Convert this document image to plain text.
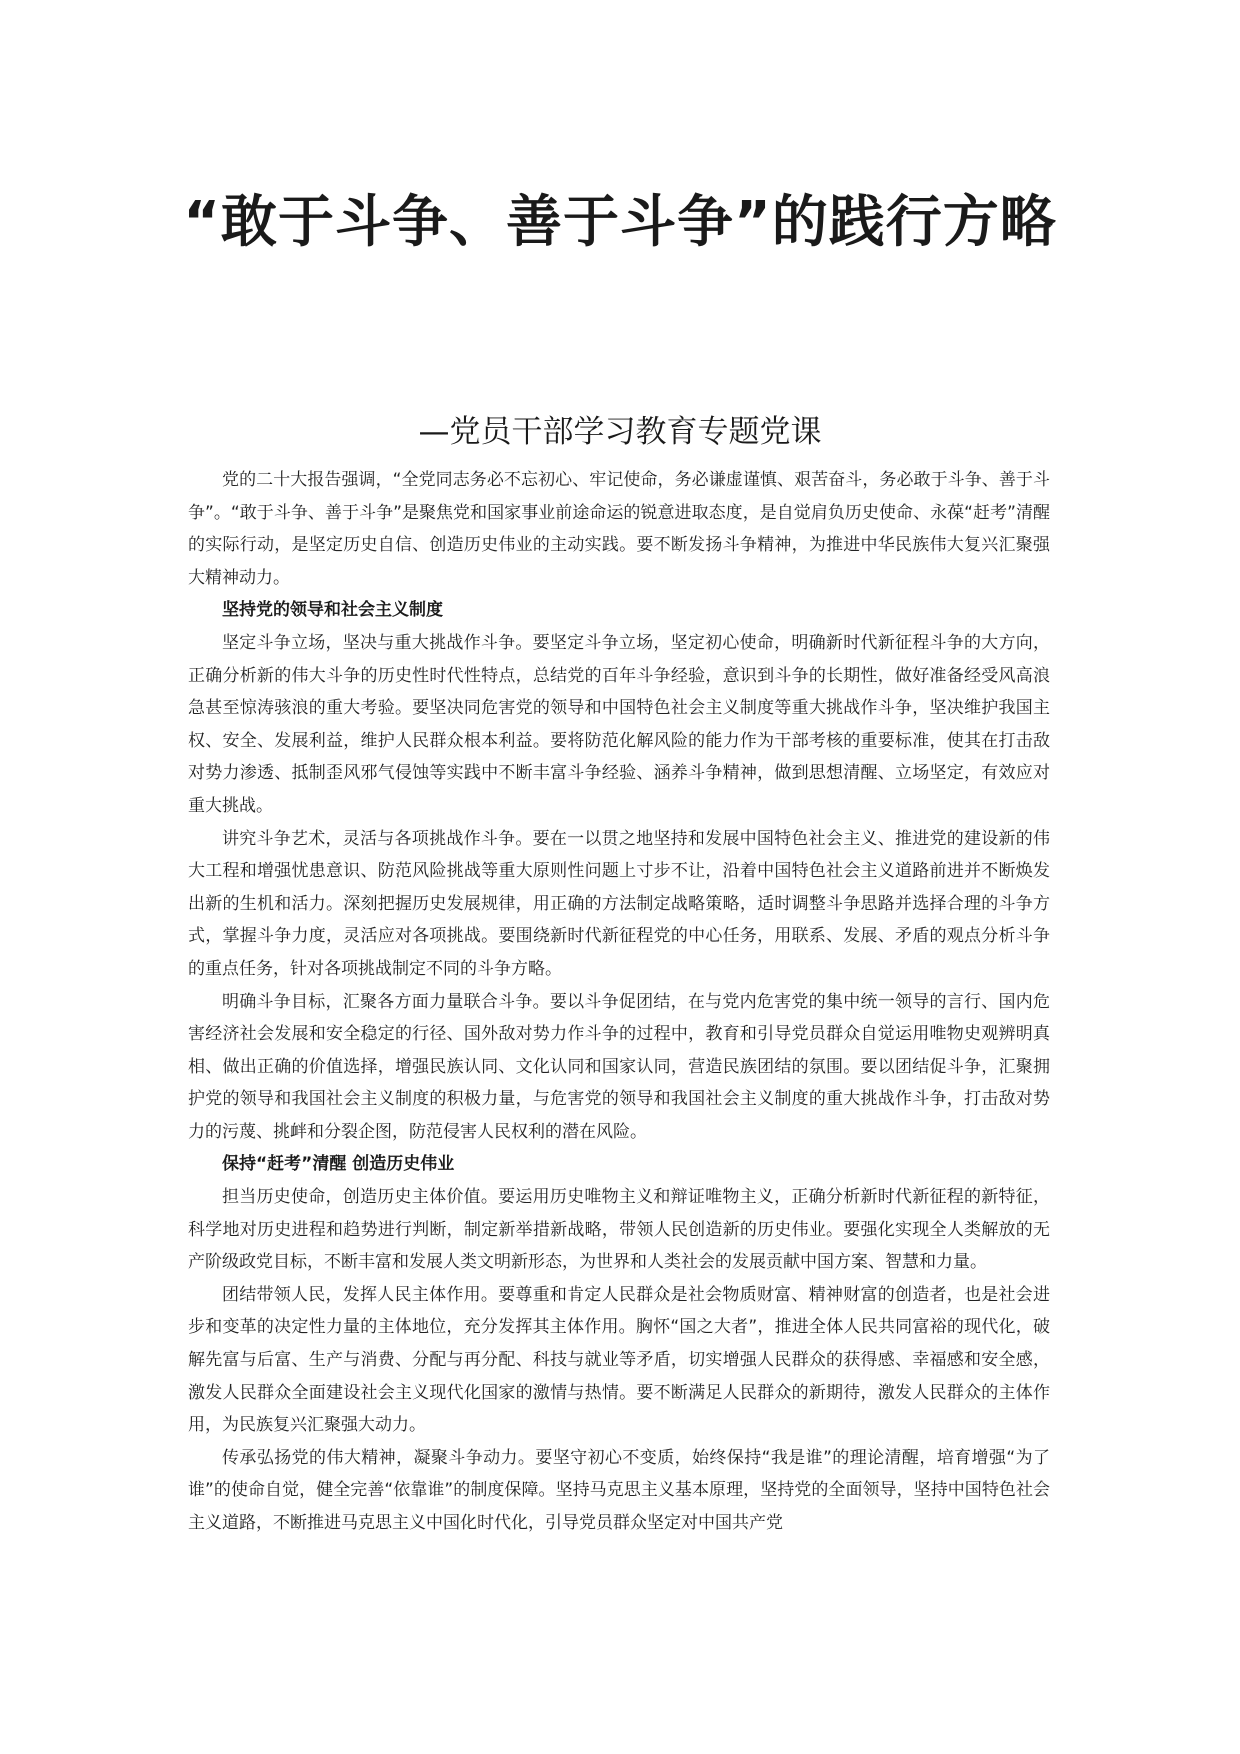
“敢于斗争、善于斗争”的践行方略
—党员干部学习教育专题党课

党的二十大报告强调，“全党同志务必不忘初心、牢记使命，务必谦虚谨慎、艰苦奋斗，务必敢于斗争、善于斗争”。“敢于斗争、善于斗争”是聚焦党和国家事业前途命运的锐意进取态度，是自觉肩负历史使命、永葆“赶考”清醒的实际行动，是坚定历史自信、创造历史伟业的主动实践。要不断发扬斗争精神，为推进中华民族伟大复兴汇聚强大精神动力。

坚持党的领导和社会主义制度

坚定斗争立场，坚决与重大挑战作斗争。要坚定斗争立场，坚定初心使命，明确新时代新征程斗争的大方向，正确分析新的伟大斗争的历史性时代性特点，总结党的百年斗争经验，意识到斗争的长期性，做好准备经受风高浪急甚至惊涛骇浪的重大考验。要坚决同危害党的领导和中国特色社会主义制度等重大挑战作斗争，坚决维护我国主权、安全、发展利益，维护人民群众根本利益。要将防范化解风险的能力作为干部考核的重要标准，使其在打击敌对势力渗透、抵制歪风邪气侵蚀等实践中不断丰富斗争经验、涵养斗争精神，做到思想清醒、立场坚定，有效应对重大挑战。

讲究斗争艺术，灵活与各项挑战作斗争。要在一以贯之地坚持和发展中国特色社会主义、推进党的建设新的伟大工程和增强忧患意识、防范风险挑战等重大原则性问题上寸步不让，沿着中国特色社会主义道路前进并不断焕发出新的生机和活力。深刻把握历史发展规律，用正确的方法制定战略策略，适时调整斗争思路并选择合理的斗争方式，掌握斗争力度，灵活应对各项挑战。要围绕新时代新征程党的中心任务，用联系、发展、矛盾的观点分析斗争的重点任务，针对各项挑战制定不同的斗争方略。

明确斗争目标，汇聚各方面力量联合斗争。要以斗争促团结，在与党内危害党的集中统一领导的言行、国内危害经济社会发展和安全稳定的行径、国外敌对势力作斗争的过程中，教育和引导党员群众自觉运用唯物史观辨明真相、做出正确的价值选择，增强民族认同、文化认同和国家认同，营造民族团结的氛围。要以团结促斗争，汇聚拥护党的领导和我国社会主义制度的积极力量，与危害党的领导和我国社会主义制度的重大挑战作斗争，打击敌对势力的污蔑、挑衅和分裂企图，防范侵害人民权利的潜在风险。

保持“赶考”清醒 创造历史伟业

担当历史使命，创造历史主体价值。要运用历史唯物主义和辩证唯物主义，正确分析新时代新征程的新特征，科学地对历史进程和趋势进行判断，制定新举措新战略，带领人民创造新的历史伟业。要强化实现全人类解放的无产阶级政党目标，不断丰富和发展人类文明新形态，为世界和人类社会的发展贡献中国方案、智慧和力量。

团结带领人民，发挥人民主体作用。要尊重和肯定人民群众是社会物质财富、精神财富的创造者，也是社会进步和变革的决定性力量的主体地位，充分发挥其主体作用。胸怀“国之大者”，推进全体人民共同富裕的现代化，破解先富与后富、生产与消费、分配与再分配、科技与就业等矛盾，切实增强人民群众的获得感、幸福感和安全感，激发人民群众全面建设社会主义现代化国家的激情与热情。要不断满足人民群众的新期待，激发人民群众的主体作用，为民族复兴汇聚强大动力。

传承弘扬党的伟大精神，凝聚斗争动力。要坚守初心不变质，始终保持“我是谁”的理论清醒，培育增强“为了谁”的使命自觉，健全完善“依靠谁”的制度保障。坚持马克思主义基本原理，坚持党的全面领导，坚持中国特色社会主义道路，不断推进马克思主义中国化时代化，引导党员群众坚定对中国共产党
